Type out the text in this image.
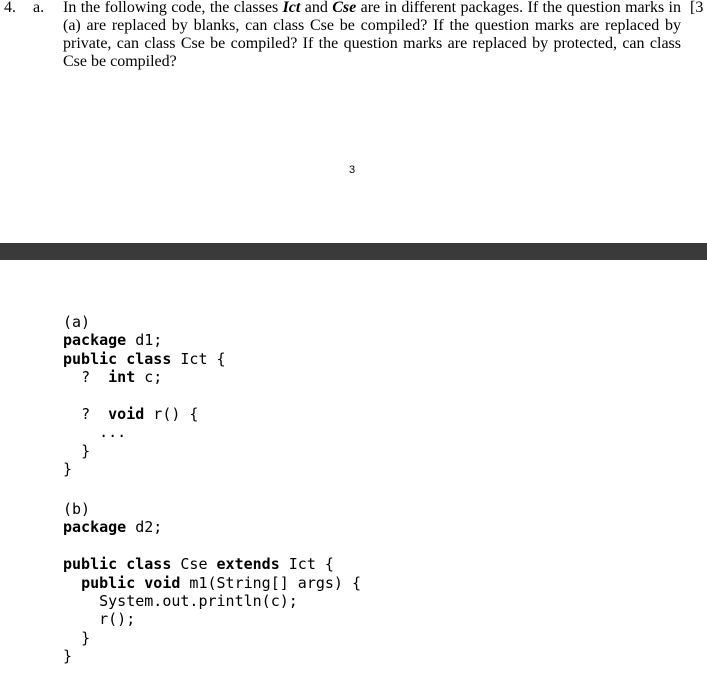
4. a. In the following code, the classes Ict and Cse are in different packages. If the question marks in (a) are replaced by blanks, can class Cse be compiled? If the question marks are replaced by private, can class Cse be compiled? If the question marks are replaced by protected, can class Cse be compiled?
[3
3
(a)
package d1;
public class Ict {
? int c;

? void r() {
...
}
}
(b)
package d2;

public class Cse extends Ict {
public void m1(String[] args) {
System.out.println(c);
r();
}
}
